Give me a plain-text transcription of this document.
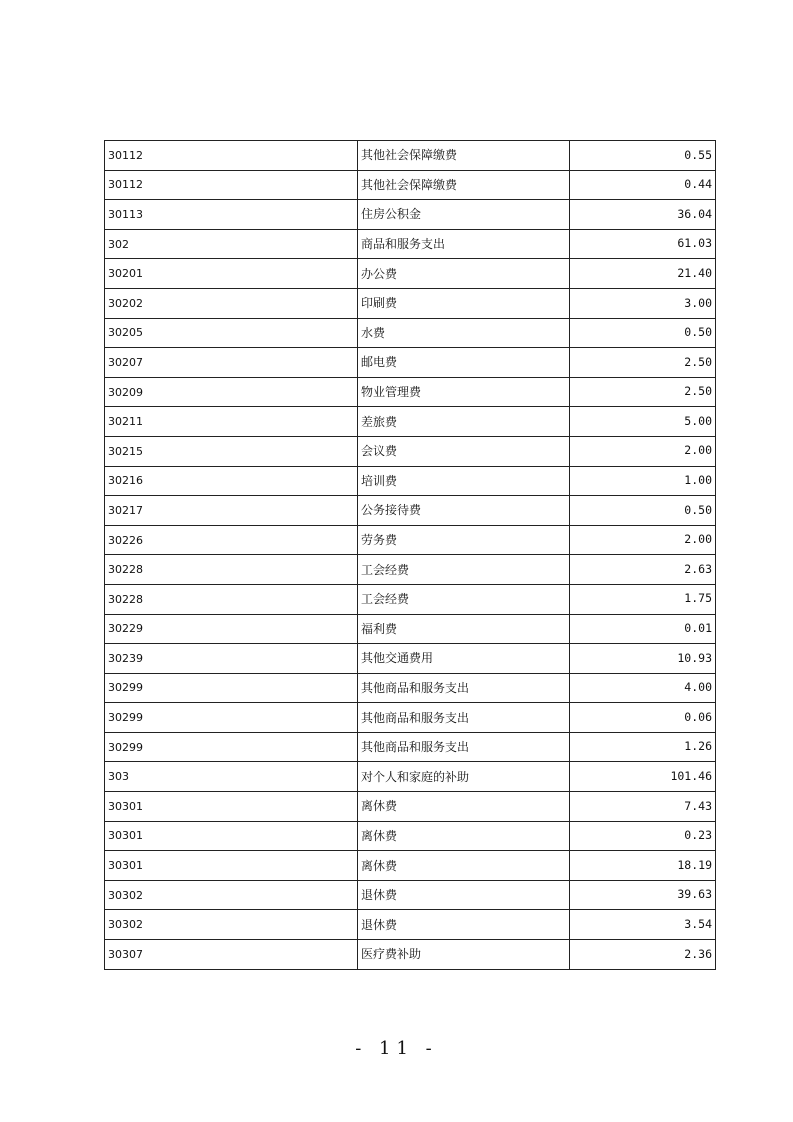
30112	其他社会保障缴费	0.55
30112	其他社会保障缴费	0.44
30113	住房公积金	36.04
302	商品和服务支出	61.03
30201	办公费	21.40
30202	印刷费	3.00
30205	水费	0.50
30207	邮电费	2.50
30209	物业管理费	2.50
30211	差旅费	5.00
30215	会议费	2.00
30216	培训费	1.00
30217	公务接待费	0.50
30226	劳务费	2.00
30228	工会经费	2.63
30228	工会经费	1.75
30229	福利费	0.01
30239	其他交通费用	10.93
30299	其他商品和服务支出	4.00
30299	其他商品和服务支出	0.06
30299	其他商品和服务支出	1.26
303	对个人和家庭的补助	101.46
30301	离休费	7.43
30301	离休费	0.23
30301	离休费	18.19
30302	退休费	39.63
30302	退休费	3.54
30307	医疗费补助	2.36
- 11 -
